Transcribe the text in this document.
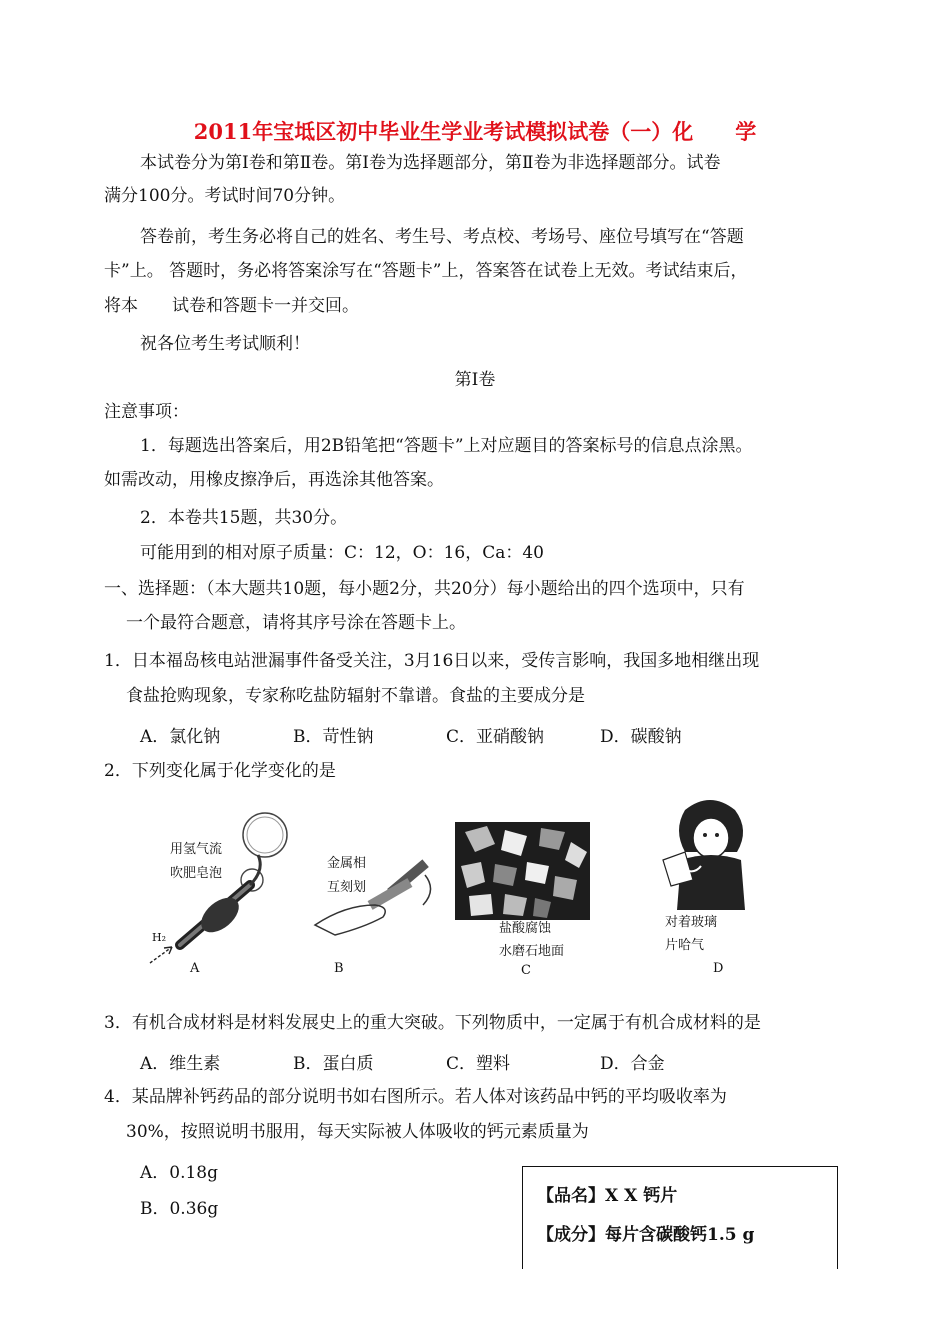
2011年宝坻区初中毕业生学业考试模拟试卷（一）化　　学
本试卷分为第Ⅰ卷和第Ⅱ卷。第Ⅰ卷为选择题部分，第Ⅱ卷为非选择题部分。试卷
满分100分。考试时间70分钟。
答卷前，考生务必将自己的姓名、考生号、考点校、考场号、座位号填写在“答题
卡”上。 答题时，务必将答案涂写在“答题卡”上，答案答在试卷上无效。考试结束后，
将本　　试卷和答题卡一并交回。
祝各位考生考试顺利！
第Ⅰ卷
注意事项：
1．每题选出答案后，用2B铅笔把“答题卡”上对应题目的答案标号的信息点涂黑。
如需改动，用橡皮擦净后，再选涂其他答案。
2．本卷共15题，共30分。
可能用到的相对原子质量：C：12，O：16，Ca：40
一、选择题：（本大题共10题，每小题2分，共20分）每小题给出的四个选项中，只有
一个最符合题意，请将其序号涂在答题卡上。
1．日本福岛核电站泄漏事件备受关注，3月16日以来，受传言影响，我国多地相继出现
食盐抢购现象，专家称吃盐防辐射不靠谱。食盐的主要成分是
A．氯化钠	B．苛性钠	C．亚硝酸钠	D．碳酸钠
2．下列变化属于化学变化的是
用氢气流
吹肥皂泡
H₂
A
金属相
互刻划
B
盐酸腐蚀
水磨石地面
C
对着玻璃
片哈气
D
3．有机合成材料是材料发展史上的重大突破。下列物质中，一定属于有机合成材料的是
A．维生素	B．蛋白质	C．塑料	D．合金
4．某品牌补钙药品的部分说明书如右图所示。若人体对该药品中钙的平均吸收率为
30%，按照说明书服用，每天实际被人体吸收的钙元素质量为
A．0.18g
B．0.36g
【品名】X X 钙片
【成分】每片含碳酸钙1.5 g
